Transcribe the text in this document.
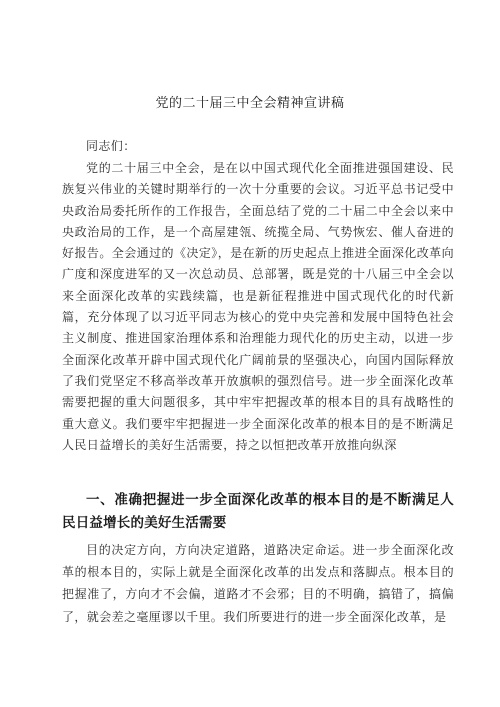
党的二十届三中全会精神宣讲稿
同志们：
党的二十届三中全会，是在以中国式现代化全面推进强国建设、民族复兴伟业的关键时期举行的一次十分重要的会议。习近平总书记受中央政治局委托所作的工作报告，全面总结了党的二十届二中全会以来中央政治局的工作，是一个高屋建瓴、统揽全局、气势恢宏、催人奋进的好报告。全会通过的《决定》，是在新的历史起点上推进全面深化改革向广度和深度进军的又一次总动员、总部署，既是党的十八届三中全会以来全面深化改革的实践续篇，也是新征程推进中国式现代化的时代新篇，充分体现了以习近平同志为核心的党中央完善和发展中国特色社会主义制度、推进国家治理体系和治理能力现代化的历史主动，以进一步全面深化改革开辟中国式现代化广阔前景的坚强决心，向国内国际释放了我们党坚定不移高举改革开放旗帜的强烈信号。进一步全面深化改革需要把握的重大问题很多，其中牢牢把握改革的根本目的具有战略性的重大意义。我们要牢牢把握进一步全面深化改革的根本目的是不断满足人民日益增长的美好生活需要，持之以恒把改革开放推向纵深
一、准确把握进一步全面深化改革的根本目的是不断满足人民日益增长的美好生活需要
目的决定方向，方向决定道路，道路决定命运。进一步全面深化改革的根本目的，实际上就是全面深化改革的出发点和落脚点。根本目的把握准了，方向才不会偏，道路才不会邪；目的不明确，搞错了，搞偏了，就会差之毫厘谬以千里。我们所要进行的进一步全面深化改革，是
